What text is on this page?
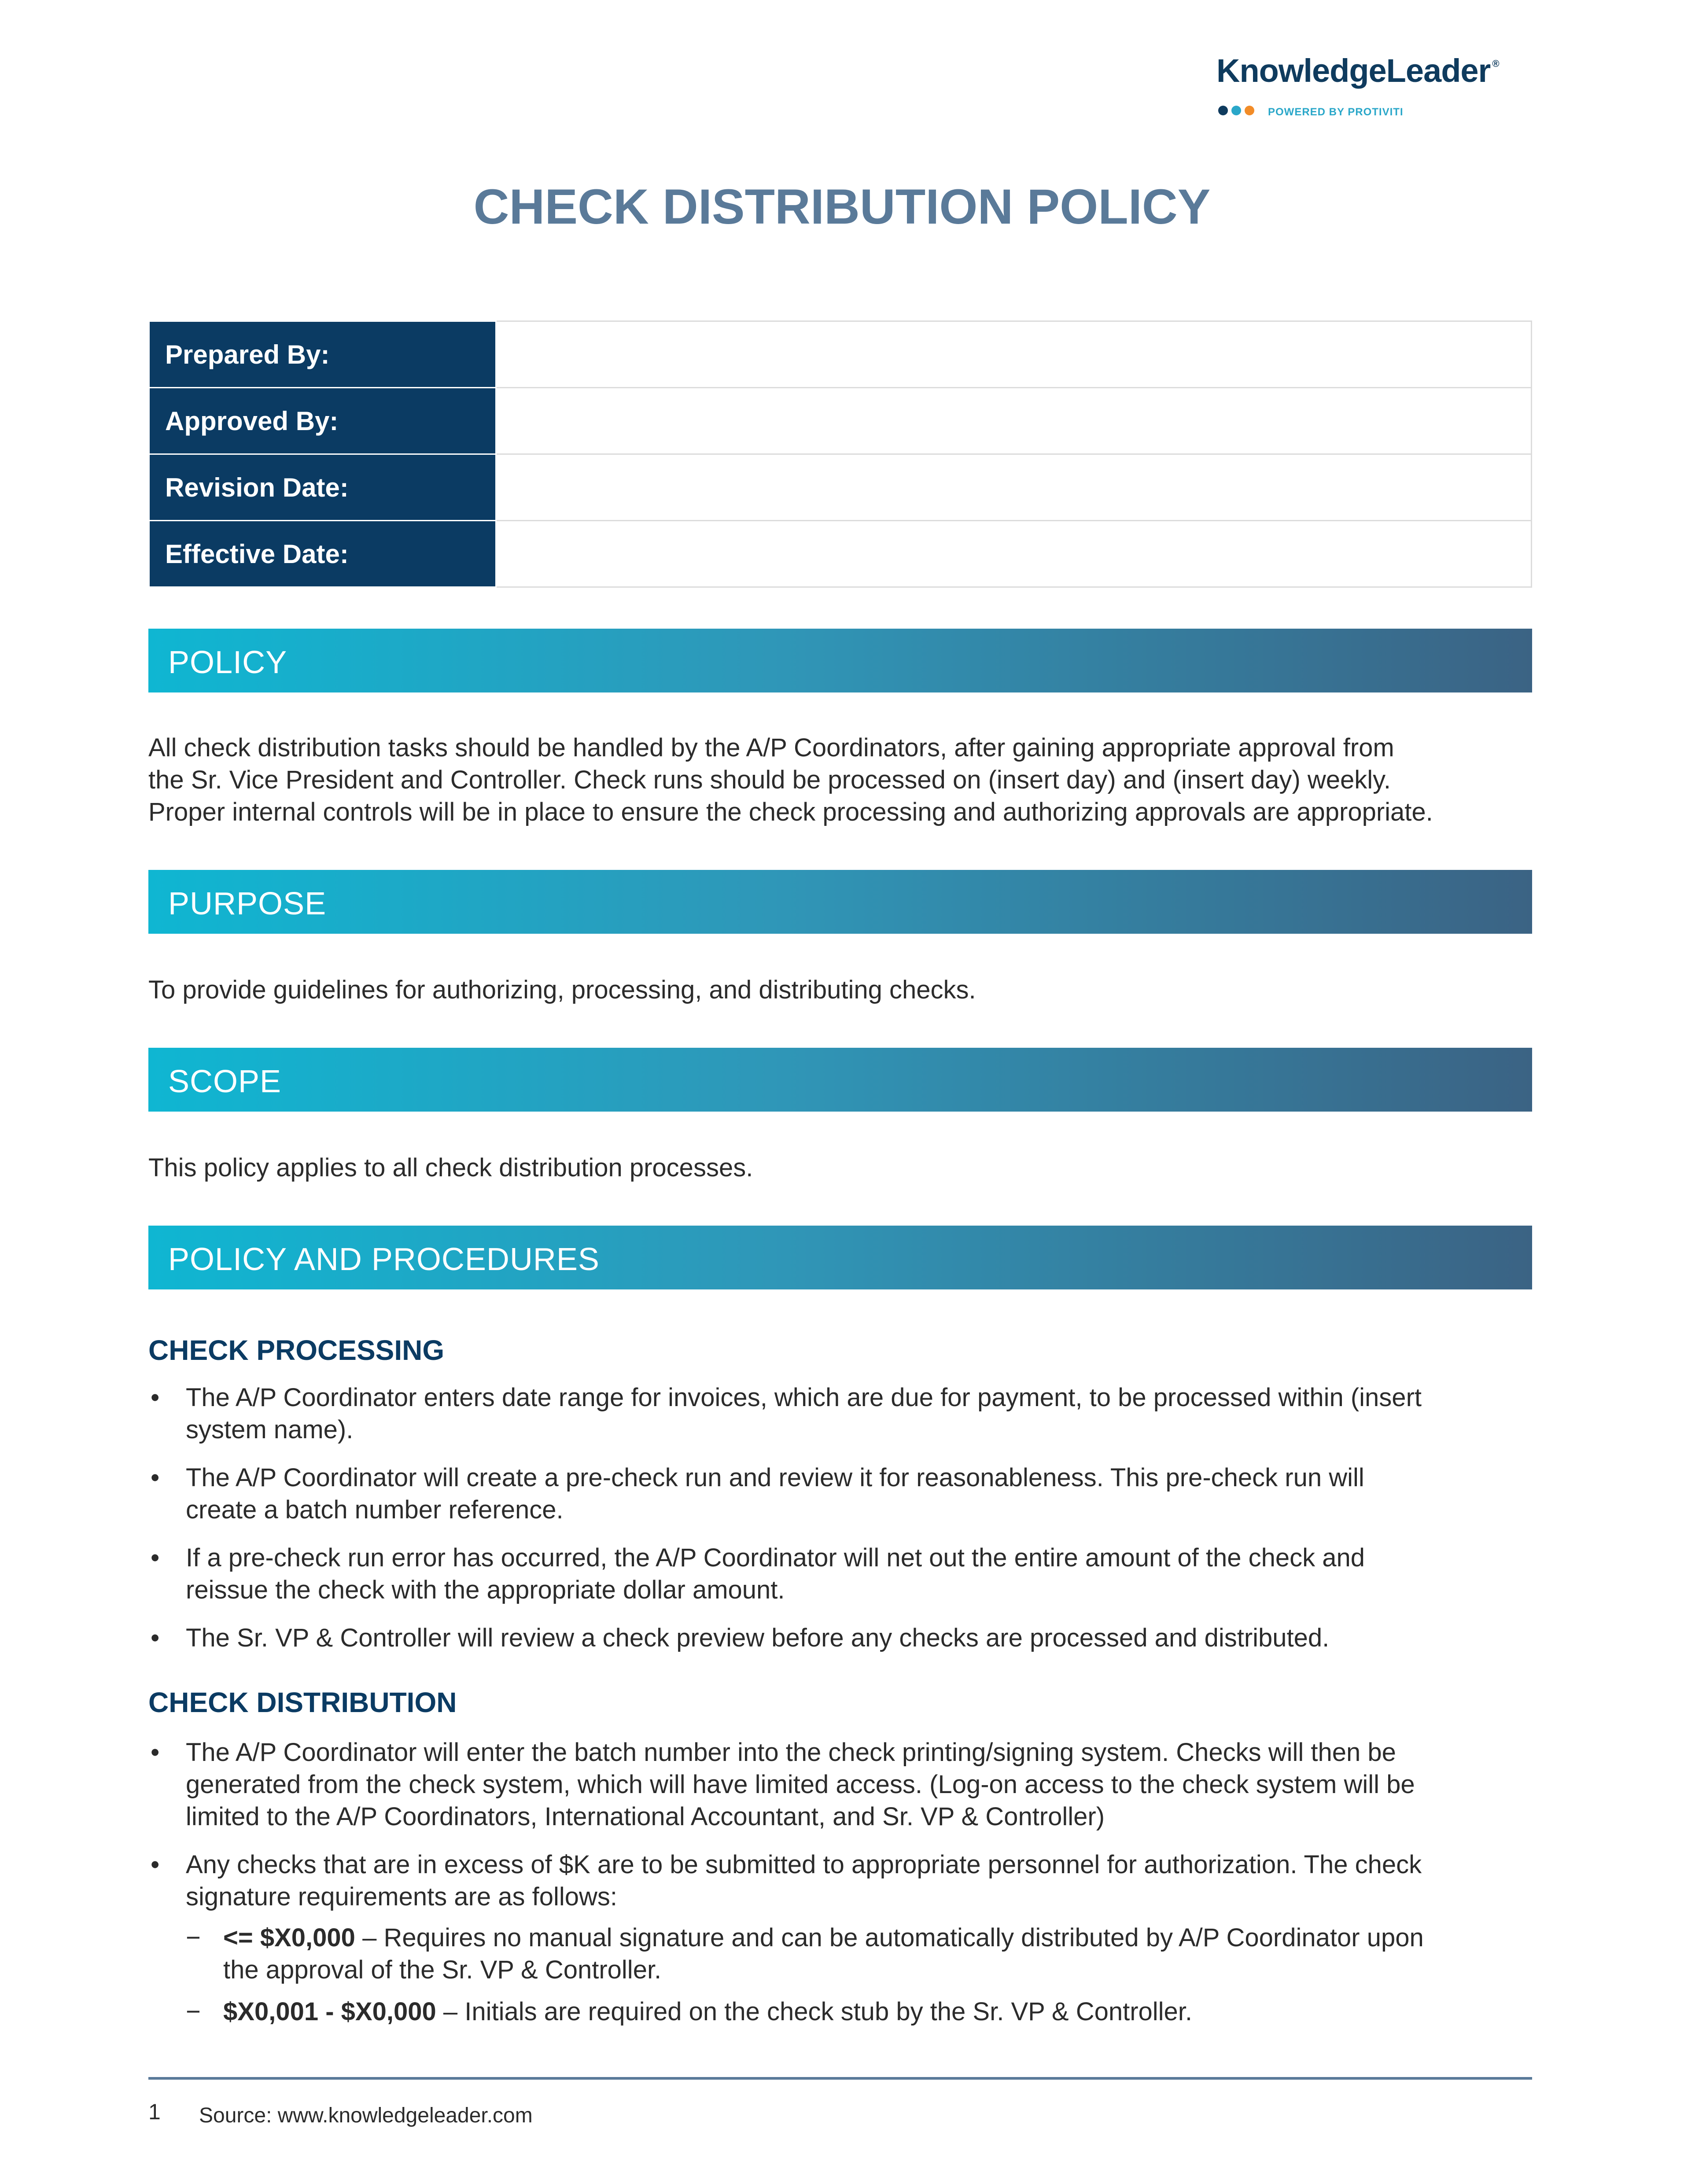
KnowledgeLeader ®
POWERED BY PROTIVITI
CHECK DISTRIBUTION POLICY
Prepared By:	
Approved By:	
Revision Date:	
Effective Date:	
POLICY

All check distribution tasks should be handled by the A/P Coordinators, after gaining appropriate approval from
the Sr. Vice President and Controller. Check runs should be processed on (insert day) and (insert day) weekly.
Proper internal controls will be in place to ensure the check processing and authorizing approvals are appropriate.

PURPOSE

To provide guidelines for authorizing, processing, and distributing checks.

SCOPE

This policy applies to all check distribution processes.

POLICY AND PROCEDURES
CHECK PROCESSING
• The A/P Coordinator enters date range for invoices, which are due for payment, to be processed within (insert
system name).
• The A/P Coordinator will create a pre-check run and review it for reasonableness. This pre-check run will
create a batch number reference.
• If a pre-check run error has occurred, the A/P Coordinator will net out the entire amount of the check and
reissue the check with the appropriate dollar amount.
• The Sr. VP & Controller will review a check preview before any checks are processed and distributed.
CHECK DISTRIBUTION
• The A/P Coordinator will enter the batch number into the check printing/signing system. Checks will then be
generated from the check system, which will have limited access. (Log-on access to the check system will be
limited to the A/P Coordinators, International Accountant, and Sr. VP & Controller)
• Any checks that are in excess of $K are to be submitted to appropriate personnel for authorization. The check
signature requirements are as follows:
− <= $X0,000 – Requires no manual signature and can be automatically distributed by A/P Coordinator upon
the approval of the Sr. VP & Controller.
− $X0,001 - $X0,000 – Initials are required on the check stub by the Sr. VP & Controller.
1 Source: www.knowledgeleader.com
